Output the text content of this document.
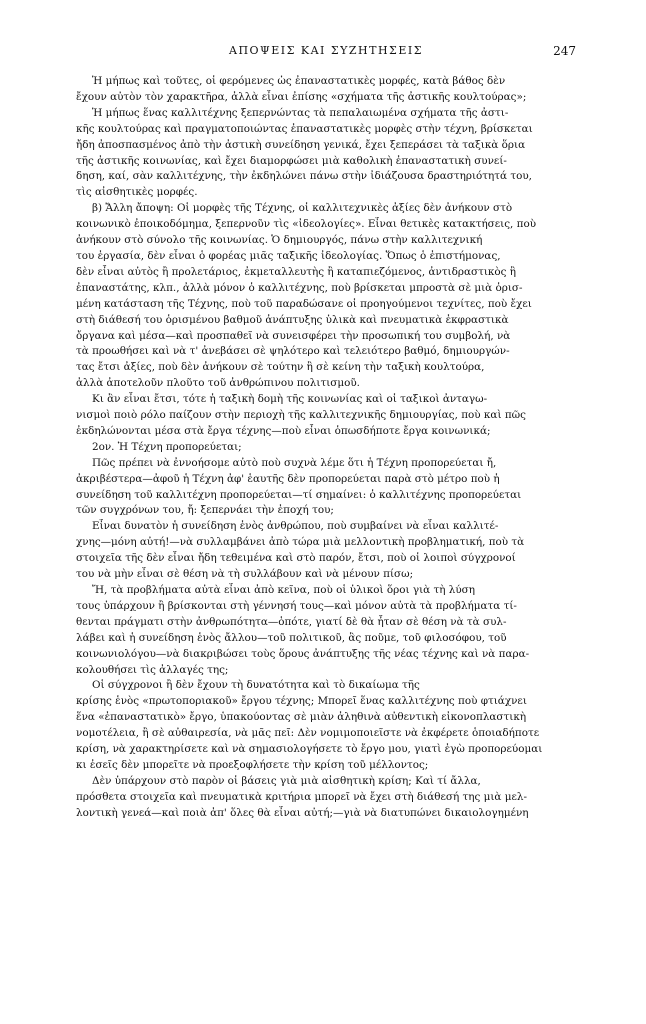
ΑΠΟΨΕΙΣ ΚΑΙ ΣΥΖΗΤΗΣΕΙΣ	247
Ἡ μήπως καὶ τοῦτες, οἱ φερόμενες ὡς ἐπαναστατικὲς μορφές, κατὰ βάθος δὲν
ἔχουν αὐτὸν τὸν χαρακτῆρα, ἀλλὰ εἶναι ἐπίσης «σχήματα τῆς ἀστικῆς κουλτούρας»;
Ἡ μήπως ἕνας καλλιτέχνης ξεπερνώντας τὰ πεπαλαιωμένα σχήματα τῆς ἀστι-
κῆς κουλτούρας καὶ πραγματοποιώντας ἐπαναστατικὲς μορφὲς στὴν τέχνη, βρίσκεται
ἤδη ἀποσπασμένος ἀπὸ τὴν ἀστικὴ συνείδηση γενικά, ἔχει ξεπεράσει τὰ ταξικὰ ὅρια
τῆς ἀστικῆς κοινωνίας, καὶ ἔχει διαμορφώσει μιὰ καθολικὴ ἐπαναστατικὴ συνεί-
δηση, καί, σὰν καλλιτέχνης, τὴν ἐκδηλώνει πάνω στὴν ἰδιάζουσα δραστηριότητά του,
τὶς αἰσθητικὲς μορφές.
β) Ἄλλη ἄποψη: Οἱ μορφὲς τῆς Τέχνης, οἱ καλλιτεχνικὲς ἀξίες δὲν ἀνήκουν στὸ
κοινωνικὸ ἐποικοδόμημα, ξεπερνοῦν τὶς «ἰδεολογίες». Εἶναι θετικὲς κατακτήσεις, ποὺ
ἀνήκουν στὸ σύνολο τῆς κοινωνίας. Ὁ δημιουργός, πάνω στὴν καλλιτεχνική
του ἐργασία, δὲν εἶναι ὁ φορέας μιᾶς ταξικῆς ἰδεολογίας. Ὅπως ὁ ἐπιστήμονας,
δὲν εἶναι αὐτὸς ἢ προλετάριος, ἐκμεταλλευτὴς ἢ καταπιεζόμενος, ἀντιδραστικὸς ἢ
ἐπαναστάτης, κλπ., ἀλλὰ μόνον ὁ καλλιτέχνης, ποὺ βρίσκεται μπροστὰ σὲ μιὰ ὁρισ-
μένη κατάσταση τῆς Τέχνης, ποὺ τοῦ παραδώσανε οἱ προηγούμενοι τεχνίτες, ποὺ ἔχει
στὴ διάθεσή του ὁρισμένου βαθμοῦ ἀνάπτυξης ὑλικὰ καὶ πνευματικὰ ἐκφραστικὰ
ὄργανα καὶ μέσα—καὶ προσπαθεῖ νὰ συνεισφέρει τὴν προσωπική του συμβολή, νὰ
τὰ προωθήσει καὶ νὰ τ' ἀνεβάσει σὲ ψηλότερο καὶ τελειότερο βαθμό, δημιουργών-
τας ἔτσι ἀξίες, ποὺ δὲν ἀνήκουν σὲ τούτην ἢ σὲ κείνη τὴν ταξικὴ κουλτούρα,
ἀλλὰ ἀποτελοῦν πλοῦτο τοῦ ἀνθρώπινου πολιτισμοῦ.
Κι ἂν εἶναι ἔτσι, τότε ἡ ταξικὴ δομὴ τῆς κοινωνίας καὶ οἱ ταξικοὶ ἀνταγω-
νισμοὶ ποιὸ ρόλο παίζουν στὴν περιοχὴ τῆς καλλιτεχνικῆς δημιουργίας, ποὺ καὶ πῶς
ἐκδηλώνονται μέσα στὰ ἔργα τέχνης—ποὺ εἶναι ὁπωσδήποτε ἔργα κοινωνικά;
2ον. Ἡ Τέχνη προπορεύεται;
Πῶς πρέπει νὰ ἐννοήσομε αὐτὸ ποὺ συχνὰ λέμε ὅτι ἡ Τέχνη προπορεύεται ἤ,
ἀκριβέστερα—ἀφοῦ ἡ Τέχνη ἀφ' ἑαυτῆς δὲν προπορεύεται παρὰ στὸ μέτρο ποὺ ἡ
συνείδηση τοῦ καλλιτέχνη προπορεύεται—τί σημαίνει: ὁ καλλιτέχνης προπορεύεται
τῶν συγχρόνων του, ἤ: ξεπερνάει τὴν ἐποχή του;
Εἶναι δυνατὸν ἡ συνείδηση ἑνὸς ἀνθρώπου, ποὺ συμβαίνει νὰ εἶναι καλλιτέ-
χνης—μόνη αὐτή!—νὰ συλλαμβάνει ἀπὸ τώρα μιὰ μελλοντικὴ προβληματική, ποὺ τὰ
στοιχεῖα τῆς δὲν εἶναι ἤδη τεθειμένα καὶ στὸ παρόν, ἔτσι, ποὺ οἱ λοιποὶ σύγχρονοί
του νὰ μὴν εἶναι σὲ θέση νὰ τὴ συλλάβουν καὶ νὰ μένουν πίσω;
Ἤ, τὰ προβλήματα αὐτὰ εἶναι ἀπὸ κεῖνα, ποὺ οἱ ὑλικοὶ ὅροι γιὰ τὴ λύση
τους ὑπάρχουν ἢ βρίσκονται στὴ γέννησή τους—καὶ μόνον αὐτὰ τὰ προβλήματα τί-
θενται πράγματι στὴν ἀνθρωπότητα—ὁπότε, γιατί δὲ θὰ ἦταν σὲ θέση νὰ τὰ συλ-
λάβει καὶ ἡ συνείδηση ἑνὸς ἄλλου—τοῦ πολιτικοῦ, ἂς ποῦμε, τοῦ φιλοσόφου, τοῦ
κοινωνιολόγου—νὰ διακριβώσει τοὺς ὅρους ἀνάπτυξης τῆς νέας τέχνης καὶ νὰ παρα-
κολουθήσει τὶς ἀλλαγές της;
Οἱ σύγχρονοι ἢ δὲν ἔχουν τὴ δυνατότητα καὶ τὸ δικαίωμα τῆς
κρίσης ἑνὸς «πρωτοποριακοῦ» ἔργου τέχνης; Μπορεῖ ἕνας καλλιτέχνης ποὺ φτιάχνει
ἕνα «ἐπαναστατικὸ» ἔργο, ὑπακούοντας σὲ μιὰν ἀληθινὰ αὐθεντικὴ εἰκονοπλαστικὴ
νομοτέλεια, ἢ σὲ αὐθαιρεσία, νὰ μᾶς πεῖ: Δὲν νομιμοποιεῖστε νὰ ἐκφέρετε ὁποιαδήποτε
κρίση, νὰ χαρακτηρίσετε καὶ νὰ σημασιολογήσετε τὸ ἔργο μου, γιατὶ ἐγὼ προπορεύομαι
κι ἐσεῖς δὲν μπορεῖτε νὰ προεξοφλήσετε τὴν κρίση τοῦ μέλλοντος;
Δὲν ὑπάρχουν στὸ παρὸν οἱ βάσεις γιὰ μιὰ αἰσθητικὴ κρίση; Καὶ τί ἄλλα,
πρόσθετα στοιχεῖα καὶ πνευματικὰ κριτήρια μπορεῖ νὰ ἔχει στὴ διάθεσή της μιὰ μελ-
λοντικὴ γενεά—καὶ ποιὰ ἀπ' ὅλες θὰ εἶναι αὐτή;—γιὰ νὰ διατυπώνει δικαιολογημένη
